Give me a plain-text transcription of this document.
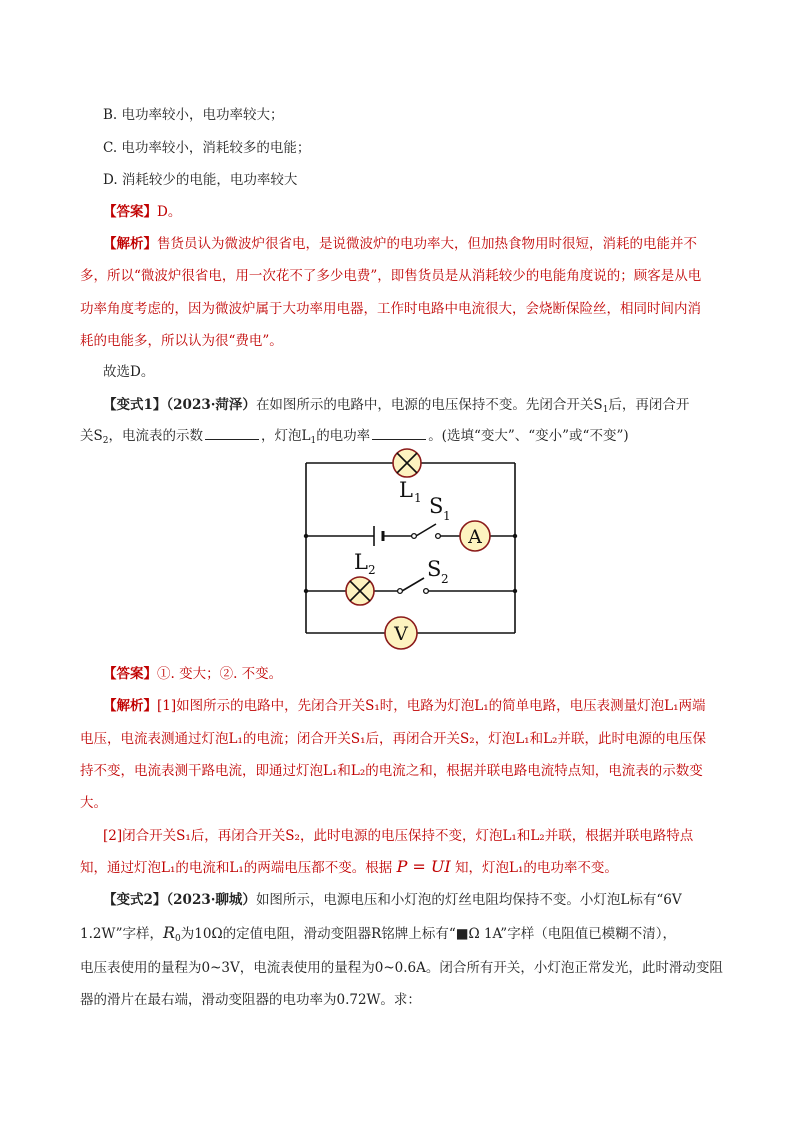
B. 电功率较小，电功率较大；
C. 电功率较小，消耗较多的电能；
D. 消耗较少的电能，电功率较大
【答案】D。
【解析】售货员认为微波炉很省电，是说微波炉的电功率大，但加热食物用时很短，消耗的电能并不
多，所以“微波炉很省电，用一次花不了多少电费”，即售货员是从消耗较少的电能角度说的；顾客是从电
功率角度考虑的，因为微波炉属于大功率用电器，工作时电路中电流很大，会烧断保险丝，相同时间内消
耗的电能多，所以认为很“费电”。
故选D。
【变式1】（2023·菏泽）在如图所示的电路中，电源的电压保持不变。先闭合开关$S_1$后，再闭合开
关$S_2$，电流表的示数	，灯泡$L_1$的电功率	。(选填“变大”、“变小”或“不变”)
A
V
L 1 S 1
L 2 S 2
【答案】①. 变大；②. 不变。
【解析】[1]如图所示的电路中，先闭合开关S₁时，电路为灯泡L₁的简单电路，电压表测量灯泡L₁两端
电压，电流表测通过灯泡L₁的电流；闭合开关S₁后，再闭合开关S₂，灯泡L₁和L₂并联，此时电源的电压保
持不变，电流表测干路电流，即通过灯泡L₁和L₂的电流之和，根据并联电路电流特点知，电流表的示数变
大。
[2]闭合开关S₁后，再闭合开关S₂，此时电源的电压保持不变，灯泡L₁和L₂并联，根据并联电路特点
知，通过灯泡L₁的电流和L₁的两端电压都不变。根据 P = UI 知，灯泡L₁的电功率不变。
【变式2】（2023·聊城）如图所示，电源电压和小灯泡的灯丝电阻均保持不变。小灯泡L标有“6V
1.2W”字样，$R_0$为10Ω的定值电阻，滑动变阻器R铭牌上标有“■Ω 1A”字样（电阻值已模糊不清），
电压表使用的量程为0~3V，电流表使用的量程为0~0.6A。闭合所有开关，小灯泡正常发光，此时滑动变阻
器的滑片在最右端，滑动变阻器的电功率为0.72W。求：
